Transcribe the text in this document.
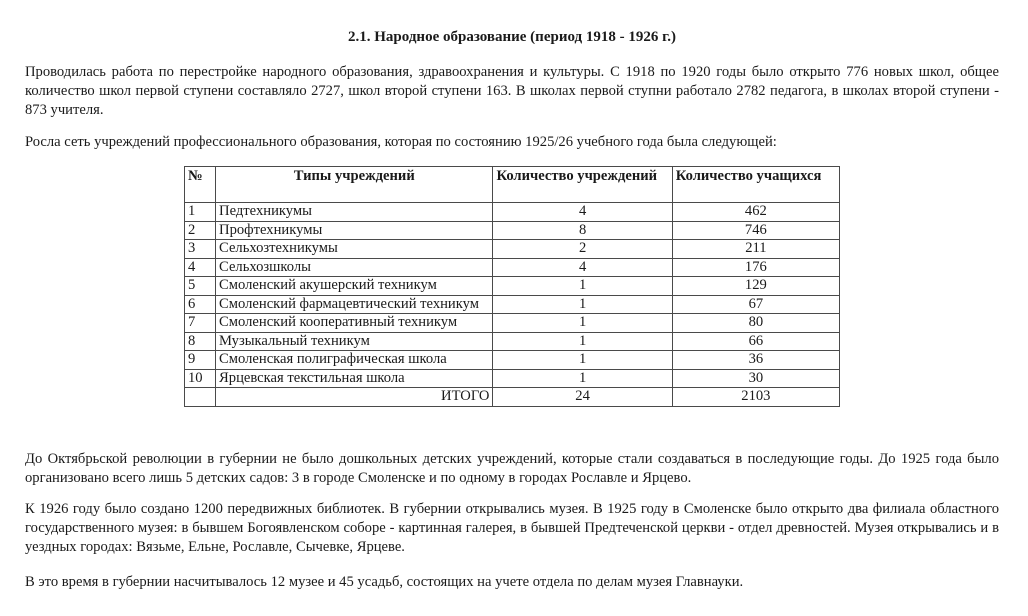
2.1. Народное образование (период 1918 - 1926 г.)

Проводилась работа по перестройке народного образования, здравоохранения и культуры. С 1918 по 1920 годы было открыто 776 новых школ, общее количество школ первой ступени составляло 2727, школ второй ступени 163. В школах первой ступни работало 2782 педагога, в школах второй ступени - 873 учителя.

Росла сеть учреждений профессионального образования, которая по состоянию 1925/26 учебного года была следующей:

№	Типы учреждений	Количество учреждений	Количество учащихся
1	Педтехникумы	4	462
2	Профтехникумы	8	746
3	Сельхозтехникумы	2	211
4	Сельхозшколы	4	176
5	Смоленский акушерский техникум	1	129
6	Смоленский фармацевтический техникум	1	67
7	Смоленский кооперативный техникум	1	80
8	Музыкальный техникум	1	66
9	Смоленская полиграфическая школа	1	36
10	Ярцевская текстильная школа	1	30
	ИТОГО	24	2103

До Октябрьской революции в губернии не было дошкольных детских учреждений, которые стали создаваться в последующие годы. До 1925 года было организовано всего лишь 5 детских садов: 3 в городе Смоленске и по одному в городах Рославле и Ярцево.

К 1926 году было создано 1200 передвижных библиотек. В губернии открывались музея. В 1925 году в Смоленске было открыто два филиала областного государственного музея: в бывшем Богоявленском соборе - картинная галерея, в бывшей Предтеченской церкви - отдел древностей. Музея открывались и в уездных городах: Вязьме, Ельне, Рославле, Сычевке, Ярцеве.

В это время в губернии насчитывалось 12 музее и 45 усадьб, состоящих на учете отдела по делам музея Главнауки.
